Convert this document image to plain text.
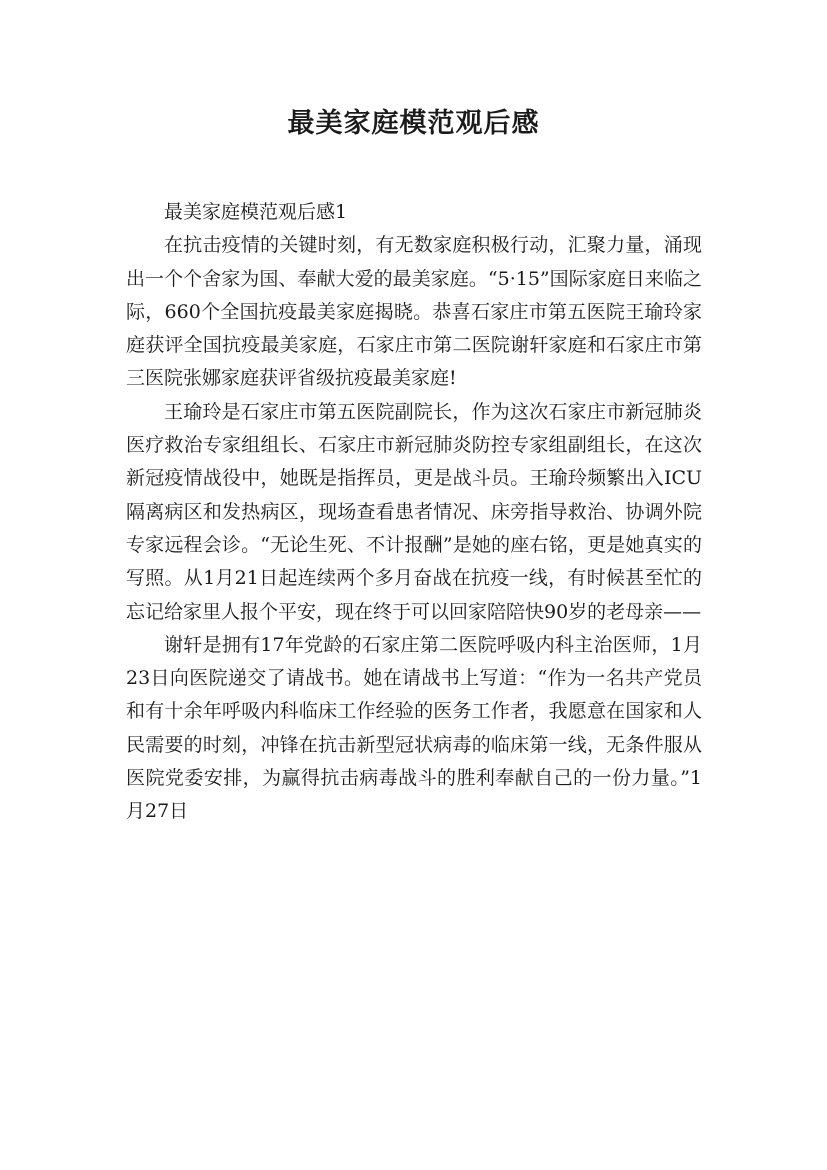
最美家庭模范观后感

最美家庭模范观后感1

在抗击疫情的关键时刻，有无数家庭积极行动，汇聚力量，涌现出一个个舍家为国、奉献大爱的最美家庭。“5·15”国际家庭日来临之际，660个全国抗疫最美家庭揭晓。恭喜石家庄市第五医院王瑜玲家庭获评全国抗疫最美家庭，石家庄市第二医院谢轩家庭和石家庄市第三医院张娜家庭获评省级抗疫最美家庭!

王瑜玲是石家庄市第五医院副院长，作为这次石家庄市新冠肺炎医疗救治专家组组长、石家庄市新冠肺炎防控专家组副组长，在这次新冠疫情战役中，她既是指挥员，更是战斗员。王瑜玲频繁出入ICU隔离病区和发热病区，现场查看患者情况、床旁指导救治、协调外院专家远程会诊。“无论生死、不计报酬”是她的座右铭，更是她真实的写照。从1月21日起连续两个多月奋战在抗疫一线，有时候甚至忙的忘记给家里人报个平安，现在终于可以回家陪陪快90岁的老母亲——

谢轩是拥有17年党龄的石家庄第二医院呼吸内科主治医师，1月23日向医院递交了请战书。她在请战书上写道：“作为一名共产党员和有十余年呼吸内科临床工作经验的医务工作者，我愿意在国家和人民需要的时刻，冲锋在抗击新型冠状病毒的临床第一线，无条件服从医院党委安排，为赢得抗击病毒战斗的胜利奉献自己的一份力量。”1月27日
